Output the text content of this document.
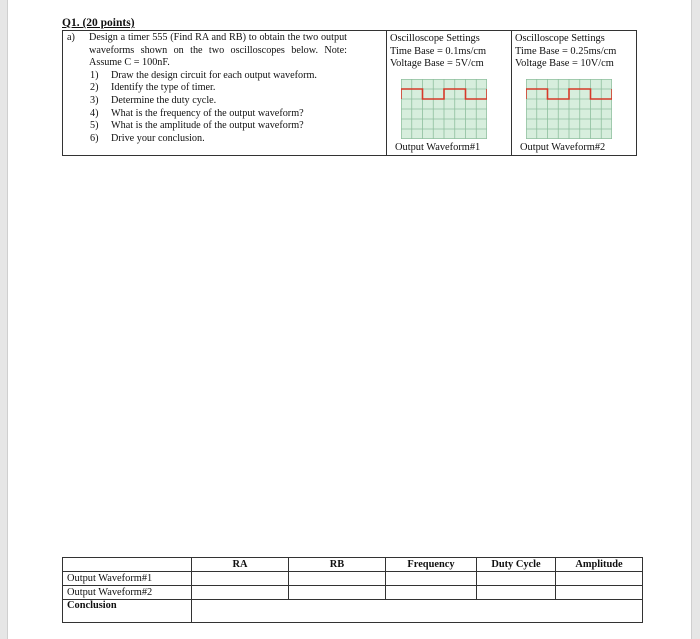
Q1. (20 points)
a)	Design a timer 555 (Find RA and RB) to obtain the two output waveforms shown on the two oscilloscopes below. Note: Assume C = 100nF.
1)	Draw the design circuit for each output waveform.
2)	Identify the type of timer.
3)	Determine the duty cycle.
4)	What is the frequency of the output waveform?
5)	What is the amplitude of the output waveform?
6)	Drive your conclusion.

Oscilloscope Settings
Time Base = 0.1ms/cm
Voltage Base = 5V/cm
Output Waveform#1

Oscilloscope Settings
Time Base = 0.25ms/cm
Voltage Base = 10V/cm
Output Waveform#2
	RA	RB	Frequency	Duty Cycle	Amplitude
Output Waveform#1					
Output Waveform#2					
Conclusion					
